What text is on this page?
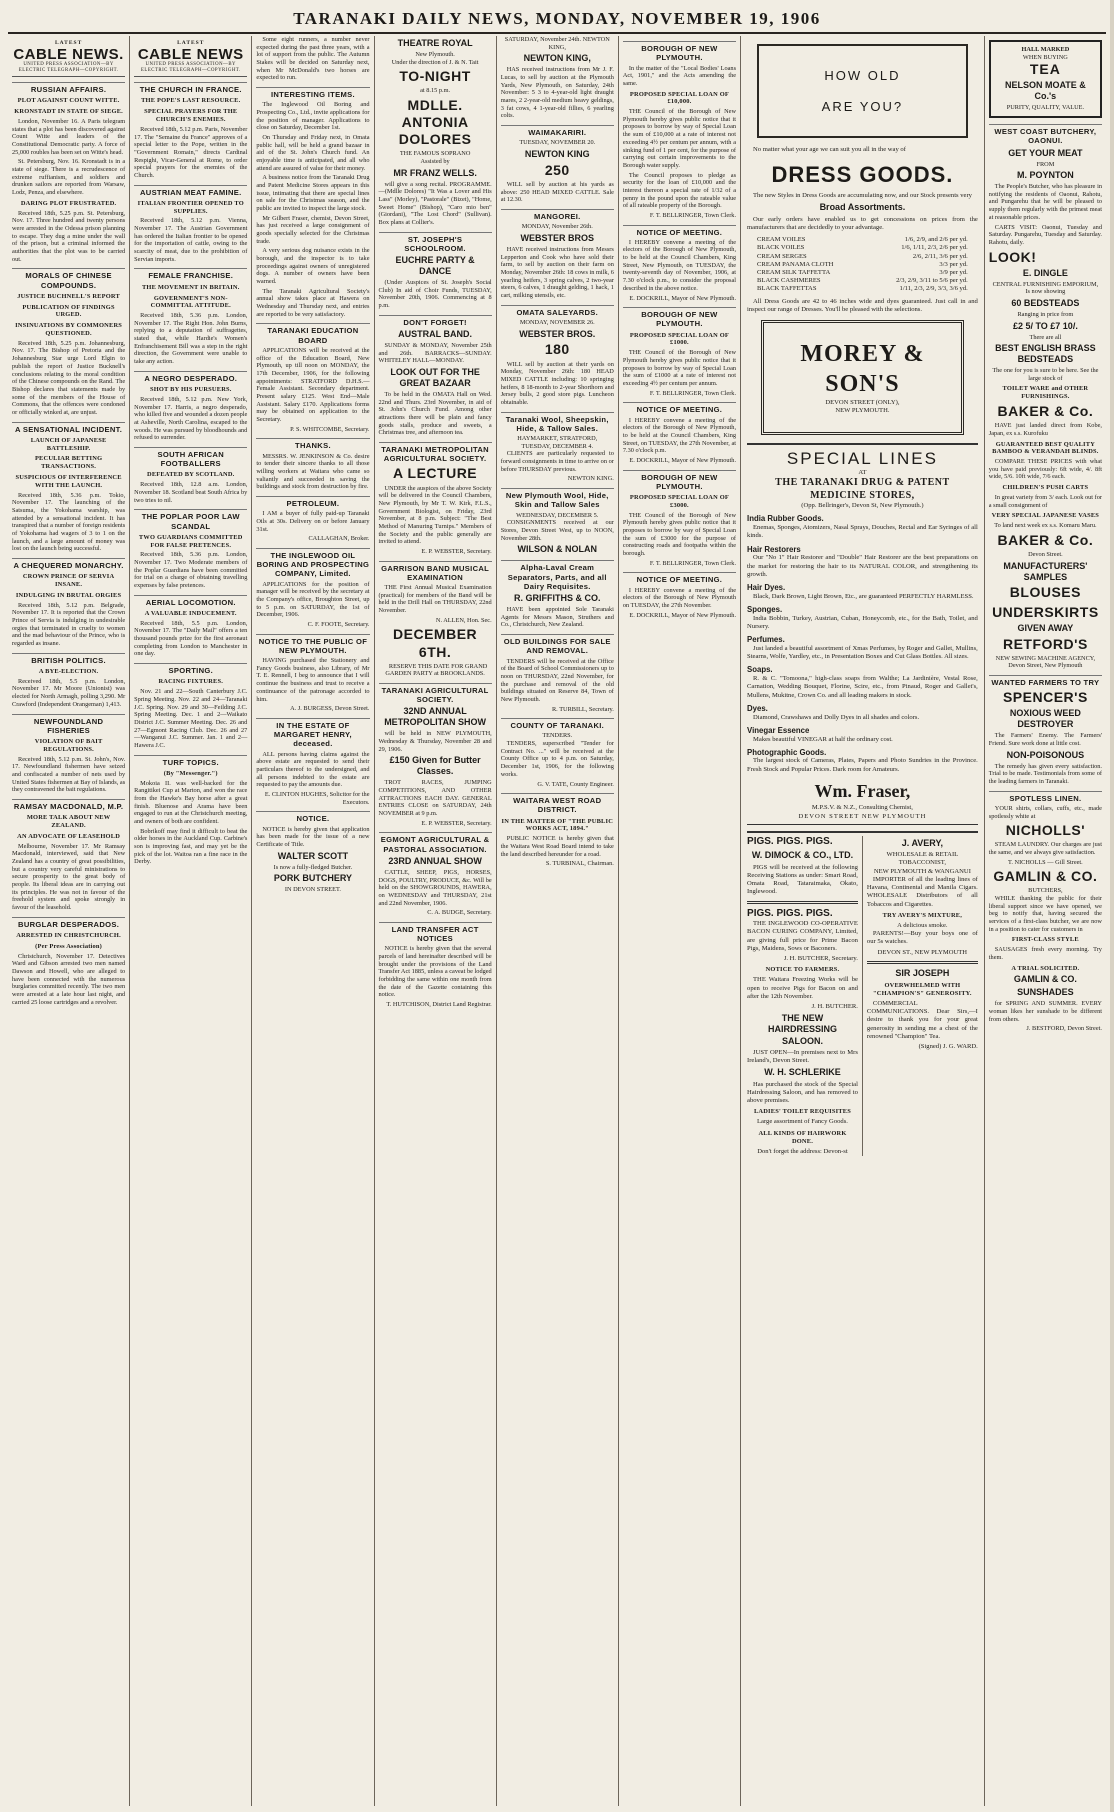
TARANAKI DAILY NEWS, MONDAY, NOVEMBER 19, 1906
LATEST
CABLE NEWS.
UNITED PRESS ASSOCIATION—BY ELECTRIC TELEGRAPH—COPYRIGHT.
RUSSIAN AFFAIRS.
PLOT AGAINST COUNT WITTE.
KRONSTADT IN STATE OF SIEGE.
London, November 16. A Paris telegram states that a plot has been discovered against Count Witte and leaders of the Constitutional Democratic party. A force of 25,000 roubles has been set on Witte's head.
St. Petersburg, Nov. 16. Kronstadt is in a state of siege. There is a recrudescence of extreme ruffianism, and soldiers and drunken sailors are reported from Warsaw, Lodz, Penza, and elsewhere.
DARING PLOT FRUSTRATED.
Received 18th, 5.25 p.m. St. Petersburg, Nov. 17. Three hundred and twenty persons were arrested in the Odessa prison planning to escape. They dug a mine under the wall of the prison, but a criminal informed the authorities that the plot was to be carried out.
MORALS OF CHINESE COMPOUNDS.
JUSTICE BUCHNELL'S REPORT
PUBLICATION OF FINDINGS URGED.
INSINUATIONS BY COMMONERS QUESTIONED.
Received 18th, 5.25 p.m. Johannesburg, Nov. 17. The Bishop of Pretoria and the Johannesburg Star urge Lord Elgin to publish the report of Justice Bucknell's conclusions relating to the moral condition of the Chinese compounds on the Rand. The Bishop declares that statements made by some of the members of the House of Commons, that the offences were condoned or officially winked at, are unjust.
A SENSATIONAL INCIDENT.
LAUNCH OF JAPANESE BATTLESHIP.
PECULIAR BETTING TRANSACTIONS.
SUSPICIOUS OF INTERFERENCE WITH THE LAUNCH.
Received 18th, 5.36 p.m. Tokio, November 17. The launching of the Satsuma, the Yokohama warship, was attended by a sensational incident. It has transpired that a number of foreign residents of Yokohama had wagers of 3 to 1 on the launch, and a large amount of money was lost on the launch being successful.
A CHEQUERED MONARCHY.
CROWN PRINCE OF SERVIA INSANE.
INDULGING IN BRUTAL ORGIES
Received 18th, 5.12 p.m. Belgrade, November 17. It is reported that the Crown Prince of Servia is indulging in undesirable orgies that terminated in cruelty to women and the mad behaviour of the Prince, who is regarded as insane.
BRITISH POLITICS.
A BYE-ELECTION.
Received 18th, 5.5 p.m. London, November 17. Mr Moore (Unionist) was elected for North Armagh, polling 3,290. Mr Crawford (Independent Orangeman) 1,413.
NEWFOUNDLAND FISHERIES
VIOLATION OF BAIT REGULATIONS.
Received 18th, 5.12 p.m. St. John's, Nov. 17. Newfoundland fishermen have seized and confiscated a number of nets used by United States fishermen at Bay of Islands, as they contravened the bait regulations.
RAMSAY MACDONALD, M.P.
MORE TALK ABOUT NEW ZEALAND.
AN ADVOCATE OF LEASEHOLD
Melbourne, November 17. Mr Ramsay Macdonald, interviewed, said that New Zealand has a country of great possibilities, but a country very careful ministrations to secure prosperity to the great body of people. Its liberal ideas are in carrying out its principles. He was not in favour of the freehold system and spoke strongly in favour of the leasehold.
BURGLAR DESPERADOS.
ARRESTED IN CHRISTCHURCH.
(Per Press Association)
Christchurch, November 17. Detectives Ward and Gibson arrested two men named Dawson and Howell, who are alleged to have been connected with the numerous burglaries committed recently. The two men were arrested at a late hour last night, and carried 25 loose cartridges and a revolver.
LATEST
CABLE NEWS
UNITED PRESS ASSOCIATION—BY ELECTRIC TELEGRAPH—COPYRIGHT.
THE CHURCH IN FRANCE.
THE POPE'S LAST RESOURCE.
SPECIAL PRAYERS FOR THE CHURCH'S ENEMIES.
Received 18th, 5.12 p.m. Paris, November 17. The "Semaine du France" approves of a special letter to the Pope, written in the "Government Romain," directs Cardinal Respighi, Vicar-General at Rome, to order special prayers for the enemies of the Church.
AUSTRIAN MEAT FAMINE.
ITALIAN FRONTIER OPENED TO SUPPLIES.
Received 18th, 5.12 p.m. Vienna, November 17. The Austrian Government has ordered the Italian frontier to be opened for the importation of cattle, owing to the scarcity of meat, due to the prohibition of Servian imports.
FEMALE FRANCHISE.
THE MOVEMENT IN BRITAIN.
GOVERNMENT'S NON-COMMITTAL ATTITUDE.
Received 18th, 5.36 p.m. London, November 17. The Right Hon. John Burns, replying to a deputation of suffragettes, stated that, while Hardie's Women's Enfranchisement Bill was a step in the right direction, the Government were unable to take any action.
A NEGRO DESPERADO.
SHOT BY HIS PURSUERS.
Received 18th, 5.12 p.m. New York, November 17. Harris, a negro desperado, who killed five and wounded a dozen people at Asheville, North Carolina, escaped to the woods. He was pursued by bloodhounds and refused to surrender.
SOUTH AFRICAN FOOTBALLERS
DEFEATED BY SCOTLAND.
Received 18th, 12.8 a.m. London, November 18. Scotland beat South Africa by two tries to nil.
THE POPLAR POOR LAW SCANDAL
TWO GUARDIANS COMMITTED FOR FALSE PRETENCES.
Received 18th, 5.36 p.m. London, November 17. Two Moderate members of the Poplar Guardians have been committed for trial on a charge of obtaining travelling expenses by false pretences.
AERIAL LOCOMOTION.
A VALUABLE INDUCEMENT.
Received 18th, 5.5 p.m. London, November 17. The "Daily Mail" offers a ten thousand pounds prize for the first aeronaut completing from London to Manchester in one day.
SPORTING.
RACING FIXTURES.
Nov. 21 and 22—South Canterbury J.C. Spring Meeting. Nov. 22 and 24—Taranaki J.C. Spring. Nov. 29 and 30—Feilding J.C. Spring Meeting. Dec. 1 and 2—Waikato District J.C. Summer Meeting. Dec. 26 and 27—Egmont Racing Club. Dec. 26 and 27—Wanganui J.C. Summer. Jan. 1 and 2—Hawera J.C.
TURF TOPICS.
(By "Messenger.")
Mokoia II. was well-backed for the Rangitikei Cup at Marton, and won the race from the Hawke's Bay horse after a great finish. Bluenose and Arama have been engaged to run at the Christchurch meeting, and owners of both are confident.
Bobrikoff may find it difficult to beat the older horses in the Auckland Cup. Carbine's son is improving fast, and may yet be the pick of the lot. Waitoa ran a fine race in the Derby.
Some eight runners, a number never expected during the past three years, with a lot of support from the public. The Autumn Stakes will be decided on Saturday next, when Mr McDonald's two horses are expected to run.
INTERESTING ITEMS.
The Inglewood Oil Boring and Prospecting Co., Ltd., invite applications for the position of manager. Applications to close on Saturday, December 1st.
On Thursday and Friday next, in Omata public hall, will be held a grand bazaar in aid of the St. John's Church fund. An enjoyable time is anticipated, and all who attend are assured of value for their money.
A business notice from the Taranaki Drug and Patent Medicine Stores appears in this issue, intimating that there are special lines on sale for the Christmas season, and the public are invited to inspect the large stock.
Mr Gilbert Fraser, chemist, Devon Street, has just received a large consignment of goods specially selected for the Christmas trade.
A very serious dog nuisance exists in the borough, and the inspector is to take proceedings against owners of unregistered dogs. A number of owners have been warned.
The Taranaki Agricultural Society's annual show takes place at Hawera on Wednesday and Thursday next, and entries are reported to be very satisfactory.
TARANAKI EDUCATION BOARD
APPLICATIONS will be received at the office of the Education Board, New Plymouth, up till noon on MONDAY, the 17th December, 1906, for the following appointments: STRATFORD D.H.S.—Female Assistant. Secondary department. Present salary £125. West End—Male Assistant. Salary £170. Applications forms may be obtained on application to the Secretary.
P. S. WHITCOMBE, Secretary.
THANKS.
MESSRS. W. JENKINSON & Co. desire to tender their sincere thanks to all those willing workers at Waitara who came so valiantly and succeeded in saving the buildings and stock from destruction by fire.
PETROLEUM.
I AM a buyer of fully paid-up Taranaki Oils at 30s. Delivery on or before January 31st.
CALLAGHAN, Broker.
THE INGLEWOOD OIL BORING AND PROSPECTING COMPANY, Limited.
APPLICATIONS for the position of manager will be received by the secretary at the Company's office, Broughton Street, up to 5 p.m. on SATURDAY, the 1st of December, 1906.
C. F. FOOTE, Secretary.
NOTICE TO THE PUBLIC OF NEW PLYMOUTH.
HAVING purchased the Stationery and Fancy Goods business, also Library, of Mr T. E. Rennell, I beg to announce that I will continue the business and trust to receive a continuance of the patronage accorded to him.
A. J. BURGESS, Devon Street.
IN THE ESTATE OF MARGARET HENRY, deceased.
ALL persons having claims against the above estate are requested to send their particulars thereof to the undersigned, and all persons indebted to the estate are requested to pay the amounts due.
E. CLINTON HUGHES, Solicitor for the Executors.
NOTICE.
NOTICE is hereby given that application has been made for the issue of a new Certificate of Title.
WALTER SCOTT
Is now a fully-fledged Butcher.
PORK BUTCHERY
IN DEVON STREET.
THEATRE ROYAL
New Plymouth.
Under the direction of J. & N. Tait
TO-NIGHT
at 8.15 p.m.
MDLLE. ANTONIA DOLORES
THE FAMOUS SOPRANO
Assisted by
MR FRANZ WELLS.
will give a song recital. PROGRAMME.—(Mdlle Dolores) "It Was a Lover and His Lass" (Morley), "Pastorale" (Bizet), "Home, Sweet Home" (Bishop), "Caro mio ben" (Giordani), "The Lost Chord" (Sullivan). Box plans at Collier's.
ST. JOSEPH'S SCHOOLROOM.
EUCHRE PARTY & DANCE
(Under Auspices of St. Joseph's Social Club) In aid of Choir Funds, TUESDAY, November 20th, 1906. Commencing at 8 p.m.
DON'T FORGET!
AUSTRAL BAND.
SUNDAY & MONDAY, November 25th and 26th. BARRACKS—SUNDAY. WHITELEY HALL—MONDAY.
LOOK OUT FOR THE GREAT BAZAAR
To be held in the OMATA Hall on Wed. 22nd and Thurs. 23rd November, in aid of St. John's Church Fund. Among other attractions there will be plain and fancy goods stalls, produce and sweets, a Christmas tree, and afternoon tea.
TARANAKI METROPOLITAN AGRICULTURAL SOCIETY.
A LECTURE
UNDER the auspices of the above Society will be delivered in the Council Chambers, New Plymouth, by Mr T. W. Kirk, F.L.S., Government Biologist, on Friday, 23rd November, at 8 p.m. Subject: "The Best Method of Manuring Turnips." Members of the Society and the public generally are invited to attend.
E. P. WEBSTER, Secretary.
GARRISON BAND MUSICAL EXAMINATION
THE First Annual Musical Examination (practical) for members of the Band will be held in the Drill Hall on THURSDAY, 22nd November.
N. ALLEN, Hon. Sec.
DECEMBER 6TH.
RESERVE THIS DATE FOR GRAND GARDEN PARTY at BROOKLANDS.
TARANAKI AGRICULTURAL SOCIETY.
32ND ANNUAL METROPOLITAN SHOW
will be held in NEW PLYMOUTH, Wednesday & Thursday, November 28 and 29, 1906.
£150 Given for Butter Classes.
TROT RACES, JUMPING COMPETITIONS, AND OTHER ATTRACTIONS EACH DAY. GENERAL ENTRIES CLOSE on SATURDAY, 24th NOVEMBER at 9 p.m.
E. P. WEBSTER, Secretary.
EGMONT AGRICULTURAL & PASTORAL ASSOCIATION.
23RD ANNUAL SHOW
CATTLE, SHEEP, PIGS, HORSES, DOGS, POULTRY, PRODUCE, &c. Will be held on the SHOWGROUNDS, HAWERA, on WEDNESDAY and THURSDAY, 21st and 22nd November, 1906.
C. A. BUDGE, Secretary.
LAND TRANSFER ACT NOTICES
NOTICE is hereby given that the several parcels of land hereinafter described will be brought under the provisions of the Land Transfer Act 1885, unless a caveat be lodged forbidding the same within one month from the date of the Gazette containing this notice.
T. HUTCHISON, District Land Registrar.
SATURDAY, November 24th. NEWTON KING,
NEWTON KING,
HAS received instructions from Mr J. F. Lucas, to sell by auction at the Plymouth Yards, New Plymouth, on Saturday, 24th November: 5 3 to 4-year-old light draught mares, 2 2-year-old medium heavy geldings, 3 fat cows, 4 1-year-old fillies, 6 yearling colts.
WAIMAKARIRI.
TUESDAY, NOVEMBER 20.
NEWTON KING
250
WILL sell by auction at his yards as above: 250 HEAD MIXED CATTLE. Sale at 12.30.
MANGOREI.
MONDAY, November 26th.
WEBSTER BROS
HAVE received instructions from Messrs Lepperton and Cook who have sold their farm, to sell by auction on their farm on Monday, November 26th: 18 cows in milk, 6 yearling heifers, 3 spring calves, 2 two-year steers, 6 calves, 1 draught gelding, 1 hack, 1 cart, milking utensils, etc.
OMATA SALEYARDS.
MONDAY, NOVEMBER 26.
WEBSTER BROS.
180
WILL sell by auction at their yards on Monday, November 26th: 180 HEAD MIXED CATTLE including: 10 springing heifers, 8 18-month to 2-year Shorthorn and Jersey bulls, 2 good store pigs. Luncheon obtainable.
Taranaki Wool, Sheepskin, Hide, & Tallow Sales.
HAYMARKET, STRATFORD,
TUESDAY, DECEMBER 4.
CLIENTS are particularly requested to forward consignments in time to arrive on or before THURSDAY previous.
NEWTON KING.
New Plymouth Wool, Hide, Skin and Tallow Sales
WEDNESDAY, DECEMBER 5.
CONSIGNMENTS received at our Stores, Devon Street West, up to NOON, November 28th.
WILSON & NOLAN
Alpha-Laval Cream Separators, Parts, and all Dairy Requisites.
R. GRIFFITHS & CO.
HAVE been appointed Sole Taranaki Agents for Messrs Mason, Struthers and Co., Christchurch, New Zealand.
OLD BUILDINGS FOR SALE AND REMOVAL.
TENDERS will be received at the Office of the Board of School Commissioners up to noon on THURSDAY, 22nd November, for the purchase and removal of the old buildings situated on Reserve 84, Town of New Plymouth.
R. TURBILL, Secretary.
COUNTY OF TARANAKI.
TENDERS.
TENDERS, superscribed "Tender for Contract No. ..." will be received at the County Office up to 4 p.m. on Saturday, December 1st, 1906, for the following works.
G. V. TATE, County Engineer.
WAITARA WEST ROAD DISTRICT.
IN THE MATTER OF "THE PUBLIC WORKS ACT, 1894."
PUBLIC NOTICE is hereby given that the Waitara West Road Board intend to take the land described hereunder for a road.
S. TURBINAL, Chairman.
BOROUGH OF NEW PLYMOUTH.
In the matter of the "Local Bodies' Loans Act, 1901," and the Acts amending the same.
PROPOSED SPECIAL LOAN OF £10,000.
THE Council of the Borough of New Plymouth hereby gives public notice that it proposes to borrow by way of Special Loan the sum of £10,000 at a rate of interest not exceeding 4½ per centum per annum, with a sinking fund of 1 per cent, for the purpose of carrying out certain improvements to the Borough water supply.
The Council proposes to pledge as security for the loan of £10,000 and the interest thereon a special rate of 1/32 of a penny in the pound upon the rateable value of all rateable property of the Borough.
F. T. BELLRINGER, Town Clerk.
NOTICE OF MEETING.
I HEREBY convene a meeting of the electors of the Borough of New Plymouth, to be held at the Council Chambers, King Street, New Plymouth, on TUESDAY, the twenty-seventh day of November, 1906, at 7.30 o'clock p.m., to consider the proposal described in the above notice.
E. DOCKRILL, Mayor of New Plymouth.
BOROUGH OF NEW PLYMOUTH.
PROPOSED SPECIAL LOAN OF £1000.
THE Council of the Borough of New Plymouth hereby gives public notice that it proposes to borrow by way of Special Loan the sum of £1000 at a rate of interest not exceeding 4½ per centum per annum.
F. T. BELLRINGER, Town Clerk.
NOTICE OF MEETING.
I HEREBY convene a meeting of the electors of the Borough of New Plymouth, to be held at the Council Chambers, King Street, on TUESDAY, the 27th November, at 7.30 o'clock p.m.
E. DOCKRILL, Mayor of New Plymouth.
BOROUGH OF NEW PLYMOUTH.
PROPOSED SPECIAL LOAN OF £3000.
THE Council of the Borough of New Plymouth hereby gives public notice that it proposes to borrow by way of Special Loan the sum of £3000 for the purpose of constructing roads and footpaths within the borough.
F. T. BELLRINGER, Town Clerk.
NOTICE OF MEETING.
I HEREBY convene a meeting of the electors of the Borough of New Plymouth on TUESDAY, the 27th November.
E. DOCKRILL, Mayor of New Plymouth.
HOW OLD
ARE YOU?
No matter what your age we can suit you all in the way of
DRESS GOODS.
The new Styles in Dress Goods are accumulating now, and our Stock presents very
Broad Assortments.
Our early orders have enabled us to get concessions on prices from the manufacturers that are decidedly to your advantage.
CREAM VOILES	1/6, 2/9, and 2/6 per yd.
BLACK VOILES	1/6, 1/11, 2/3, 2/6 per yd.
CREAM SERGES	2/6, 2/11, 3/6 per yd.
CREAM PANAMA CLOTH	3/3 per yd.
CREAM SILK TAFFETTA	3/9 per yd.
BLACK CASHMERES	2/3, 2/9, 3/11 to 5/6 per yd.
BLACK TAFFETTAS	1/11, 2/3, 2/9, 3/3, 3/6 yd.
All Dress Goods are 42 to 46 inches wide and dyes guaranteed. Just call in and inspect our range of Dresses. You'll be pleased with the selections.
MOREY & SON'S
DEVON STREET (ONLY),
NEW PLYMOUTH.
SPECIAL LINES
AT
THE TARANAKI DRUG & PATENT MEDICINE STORES,
(Opp. Bellringer's, Devon St, New Plymouth.)
India Rubber Goods.
Enemas, Sponges, Atomizers, Nasal Sprays, Douches, Rectal and Ear Syringes of all kinds.
Hair Restorers
Our "No 1" Hair Restorer and "Double" Hair Restorer are the best preparations on the market for restoring the hair to its NATURAL COLOR, and strengthening its growth.
Hair Dyes.
Black, Dark Brown, Light Brown, Etc., are guaranteed PERFECTLY HARMLESS.
Sponges.
India Bobbin, Turkey, Austrian, Cuban, Honeycomb, etc., for the Bath, Toilet, and Nursery.
Perfumes.
Just landed a beautiful assortment of Xmas Perfumes, by Roger and Gallet, Mullins, Stearns, Wolfe, Yardley, etc., in Presentation Boxes and Cut Glass Bottles. All sizes.
Soaps.
R. & C. "Tomoona," high-class soaps from Walthe; La Jardinière, Vestal Rose, Carnation, Wedding Bouquet, Florine, Scire, etc., from Pinaud, Roger and Gallet's, Mullens, Mukitne, Crown Co. and all leading makers in stock.
Dyes.
Diamond, Crawshaws and Dolly Dyes in all shades and colors.
Vinegar Essence
Makes beautiful VINEGAR at half the ordinary cost.
Photographic Goods.
The largest stock of Cameras, Plates, Papers and Photo Sundries in the Province. Fresh Stock and Popular Prices. Dark room for Amateurs.
Wm. Fraser,
M.P.S.V. & N.Z., Consulting Chemist,
DEVON STREET NEW PLYMOUTH
PIGS. PIGS. PIGS.
W. DIMOCK & CO., LTD.
PIGS will be received at the following Receiving Stations as under: Smart Road, Omata Road, Tataraimaka, Okato, Inglewood.
PIGS. PIGS. PIGS.
THE INGLEWOOD CO-OPERATIVE BACON CURING COMPANY, Limited, are giving full price for Prime Bacon Pigs, Maidens, Sows or Baconers.
J. H. BUTCHER, Secretary.
NOTICE TO FARMERS.
THE Waitara Freezing Works will be open to receive Pigs for Bacon on and after the 12th November.
J. H. BUTCHER.
THE NEW HAIRDRESSING SALOON.
JUST OPEN—In premises next to Mrs Ireland's, Devon Street.
W. H. SCHLERIKE
Has purchased the stock of the Special Hairdressing Saloon, and has removed to above premises.
LADIES' TOILET REQUISITES
Large assortment of Fancy Goods.
ALL KINDS OF HAIRWORK DONE.
Don't forget the address: Devon-st
J. AVERY,
WHOLESALE & RETAIL TOBACCONIST,
NEW PLYMOUTH & WANGANUI
IMPORTER of all the leading lines of Havana, Continental and Manila Cigars. WHOLESALE Distributors of all Tobaccos and Cigarettes.
TRY AVERY'S MIXTURE,
A delicious smoke.
PARENTS!—Buy your boys one of our 5s watches.
DEVON ST., NEW PLYMOUTH
SIR JOSEPH
OVERWHELMED WITH "CHAMPION'S" GENEROSITY.
COMMERCIAL COMMUNICATIONS. Dear Sirs,—I desire to thank you for your great generosity in sending me a chest of the renowned "Champion" Tea.
(Signed) J. G. WARD.
HALL MARKED
WHEN BUYING
TEA
NELSON MOATE & Co.'s
PURITY, QUALITY, VALUE.
WEST COAST BUTCHERY, OAONUI.
GET YOUR MEAT
FROM
M. POYNTON
The People's Butcher, who has pleasure in notifying the residents of Oaonui, Rahotu, and Pungarehu that he will be pleased to supply them regularly with the primest meat at reasonable prices.
CARTS VISIT: Oaonui, Tuesday and Saturday. Pungarehu, Tuesday and Saturday. Rahotu, daily.
LOOK!
E. DINGLE
CENTRAL FURNISHING EMPORIUM,
Is now showing
60 BEDSTEADS
Ranging in price from
£2 5/ TO £7 10/.
There are all
BEST ENGLISH BRASS BEDSTEADS
The one for you is sure to be here. See the large stock of
TOILET WARE and OTHER FURNISHINGS.
BAKER & Co.
HAVE just landed direct from Kobe, Japan, ex s.s. Kurofuku
GUARANTEED BEST QUALITY BAMBOO & VERANDAH BLINDS.
COMPARE THESE PRICES with what you have paid previously: 6ft wide, 4/. 8ft wide, 5/6. 10ft wide, 7/6 each.
CHILDREN'S PUSH CARTS
In great variety from 3/ each. Look out for a small consignment of
VERY SPECIAL JAPANESE VASES
To land next week ex s.s. Komaru Maru.
BAKER & Co.
Devon Street.
MANUFACTURERS' SAMPLES
BLOUSES
UNDERSKIRTS
GIVEN AWAY
RETFORD'S
NEW SEWING MACHINE AGENCY,
Devon Street, New Plymouth
WANTED FARMERS TO TRY
SPENCER'S
NOXIOUS WEED DESTROYER
The Farmers' Enemy. The Farmers' Friend. Sure work done at little cost.
NON-POISONOUS
The remedy has given every satisfaction. Trial to be made. Testimonials from some of the leading farmers in Taranaki.
SPOTLESS LINEN.
YOUR shirts, collars, cuffs, etc., made spotlessly white at
NICHOLLS'
STEAM LAUNDRY. Our charges are just the same, and we always give satisfaction.
T. NICHOLLS — Gill Street.
GAMLIN & CO.
BUTCHERS,
WHILE thanking the public for their liberal support since we have opened, we beg to notify that, having secured the services of a first-class butcher, we are now in a position to cater for customers in
FIRST-CLASS STYLE
SAUSAGES fresh every morning. Try them.
A TRIAL SOLICITED.
GAMLIN & CO.
SUNSHADES
for SPRING AND SUMMER. EVERY woman likes her sunshade to be different from others.
J. BESTFORD, Devon Street.
